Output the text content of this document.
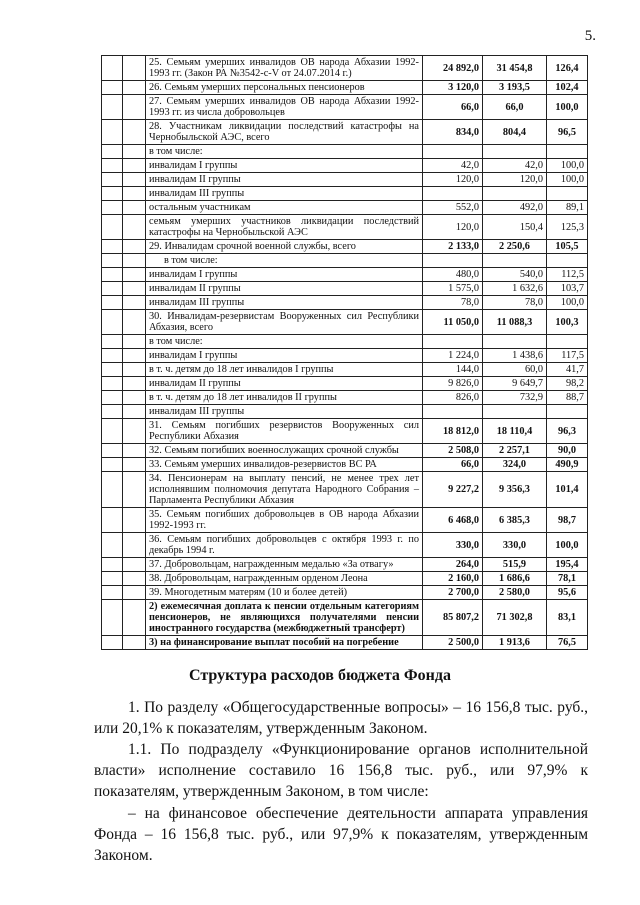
5.
		25. Семьям умерших инвалидов ОВ народа Абхазии 1992-1993 гг. (Закон РА №3542-с-V от 24.07.2014 г.)	24 892,0	31 454,8	126,4
		26. Семьям умерших персональных пенсионеров	3 120,0	3 193,5	102,4
		27. Семьям умерших инвалидов ОВ народа Абхазии 1992-1993 гг. из числа добровольцев	66,0	66,0	100,0
		28. Участникам ликвидации последствий катастрофы на Чернобыльской АЭС, всего	834,0	804,4	96,5
		в том числе:			
		инвалидам I группы	42,0	42,0	100,0
		инвалидам II группы	120,0	120,0	100,0
		инвалидам III группы			
		остальным участникам	552,0	492,0	89,1
		семьям умерших участников ликвидации последствий катастрофы на Чернобыльской АЭС	120,0	150,4	125,3
		29. Инвалидам срочной военной службы, всего	2 133,0	2 250,6	105,5
		в том числе:			
		инвалидам I группы	480,0	540,0	112,5
		инвалидам II группы	1 575,0	1 632,6	103,7
		инвалидам III группы	78,0	78,0	100,0
		30. Инвалидам-резервистам Вооруженных сил Республики Абхазия, всего	11 050,0	11 088,3	100,3
		в том числе:			
		инвалидам I группы	1 224,0	1 438,6	117,5
		в т. ч. детям до 18 лет инвалидов I группы	144,0	60,0	41,7
		инвалидам II группы	9 826,0	9 649,7	98,2
		в т. ч. детям до 18 лет инвалидов II группы	826,0	732,9	88,7
		инвалидам III группы			
		31. Семьям погибших резервистов Вооруженных сил Республики Абхазия	18 812,0	18 110,4	96,3
		32. Семьям погибших военнослужащих срочной службы	2 508,0	2 257,1	90,0
		33. Семьям умерших инвалидов-резервистов ВС РА	66,0	324,0	490,9
		34. Пенсионерам на выплату пенсий, не менее трех лет исполнявшим полномочия депутата Народного Собрания – Парламента Республики Абхазия	9 227,2	9 356,3	101,4
		35. Семьям погибших добровольцев в ОВ народа Абхазии 1992-1993 гг.	6 468,0	6 385,3	98,7
		36. Семьям погибших добровольцев с октября 1993 г. по декабрь 1994 г.	330,0	330,0	100,0
		37. Добровольцам, награжденным медалью «За отвагу»	264,0	515,9	195,4
		38. Добровольцам, награжденным орденом Леона	2 160,0	1 686,6	78,1
		39. Многодетным матерям (10 и более детей)	2 700,0	2 580,0	95,6
		2) ежемесячная доплата к пенсии отдельным категориям пенсионеров, не являющихся получателями пенсии иностранного государства (межбюджетный трансферт)	85 807,2	71 302,8	83,1
		3) на финансирование выплат пособий на погребение	2 500,0	1 913,6	76,5
Структура расходов бюджета Фонда

1. По разделу «Общегосударственные вопросы» – 16 156,8 тыс. руб., или 20,1% к показателям, утвержденным Законом.

1.1. По подразделу «Функционирование органов исполнительной власти» исполнение составило 16 156,8 тыс. руб., или 97,9% к показателям, утвержденным Законом, в том числе:

– на финансовое обеспечение деятельности аппарата управления Фонда – 16 156,8 тыс. руб., или 97,9% к показателям, утвержденным Законом.
